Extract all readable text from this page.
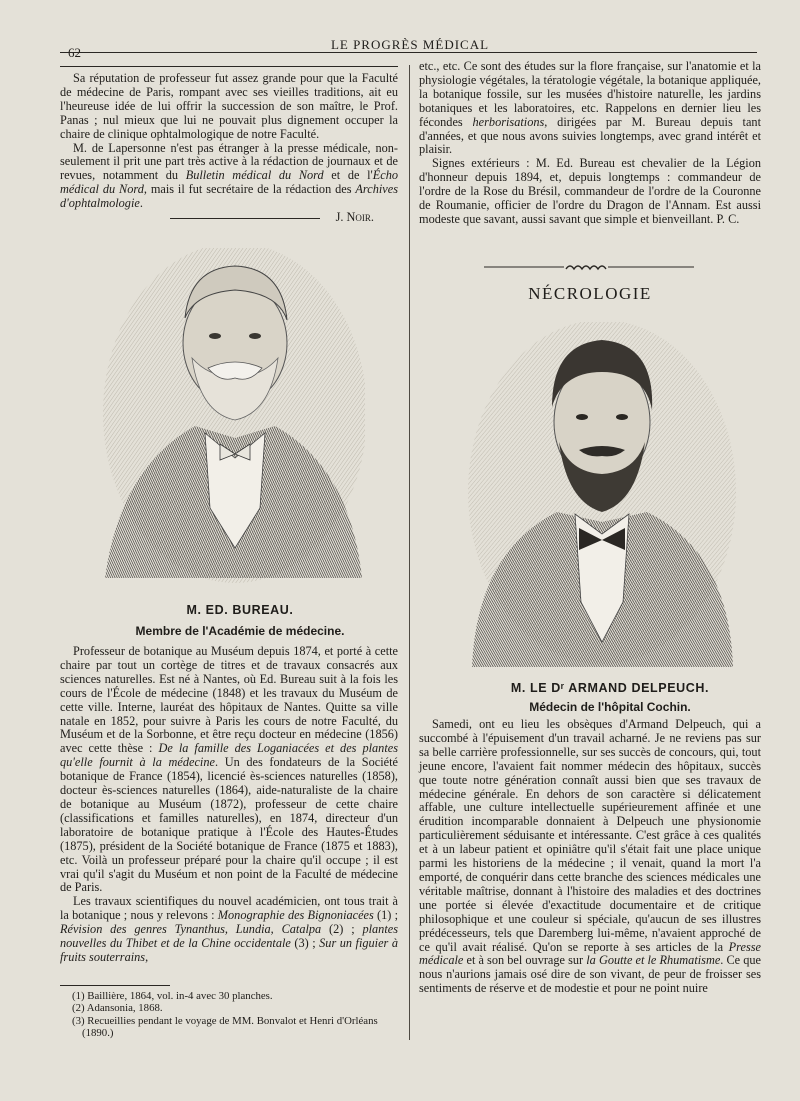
62
LE PROGRÈS MÉDICAL

Sa réputation de professeur fut assez grande pour que la Faculté de médecine de Paris, rompant avec ses vieilles traditions, ait eu l'heureuse idée de lui offrir la succession de son maître, le Prof. Panas ; nul mieux que lui ne pouvait plus dignement occuper la chaire de clinique ophtalmologique de notre Faculté.

M. de Lapersonne n'est pas étranger à la presse médicale, non-seulement il prit une part très active à la rédaction de journaux et de revues, notamment du Bulletin médical du Nord et de l'Écho médical du Nord, mais il fut secrétaire de la rédaction des Archives d'ophtalmologie.

J. Noir.

etc., etc. Ce sont des études sur la flore française, sur l'anatomie et la physiologie végétales, la tératologie végétale, la botanique appliquée, la botanique fossile, sur les musées d'histoire naturelle, les jardins botaniques et les laboratoires, etc. Rappelons en dernier lieu les fécondes herborisations, dirigées par M. Bureau depuis tant d'années, et que nous avons suivies longtemps, avec grand intérêt et plaisir.

Signes extérieurs : M. Ed. Bureau est chevalier de la Légion d'honneur depuis 1894, et, depuis longtemps : commandeur de l'ordre de la Rose du Brésil, commandeur de l'ordre de la Couronne de Roumanie, officier de l'ordre du Dragon de l'Annam. Est aussi modeste que savant, aussi savant que simple et bienveillant. P. C.

NÉCROLOGIE
M. ED. BUREAU.
Membre de l'Académie de médecine.
M. LE Dʳ ARMAND DELPEUCH.
Médecin de l'hôpital Cochin.

Professeur de botanique au Muséum depuis 1874, et porté à cette chaire par tout un cortège de titres et de travaux consacrés aux sciences naturelles. Est né à Nantes, où Ed. Bureau suit à la fois les cours de l'École de médecine (1848) et les travaux du Muséum de cette ville. Interne, lauréat des hôpitaux de Nantes. Quitte sa ville natale en 1852, pour suivre à Paris les cours de notre Faculté, du Muséum et de la Sorbonne, et être reçu docteur en médecine (1856) avec cette thèse : De la famille des Loganiacées et des plantes qu'elle fournit à la médecine. Un des fondateurs de la Société botanique de France (1854), licencié ès-sciences naturelles (1858), docteur ès-sciences naturelles (1864), aide-naturaliste de la chaire de botanique au Muséum (1872), professeur de cette chaire (classifications et familles naturelles), en 1874, directeur d'un laboratoire de botanique pratique à l'École des Hautes-Études (1875), président de la Société botanique de France (1875 et 1883), etc. Voilà un professeur préparé pour la chaire qu'il occupe ; il est vrai qu'il s'agit du Muséum et non point de la Faculté de médecine de Paris.

Les travaux scientifiques du nouvel académicien, ont tous trait à la botanique ; nous y relevons : Monographie des Bignoniacées (1) ; Révision des genres Tynanthus, Lundia, Catalpa (2) ; plantes nouvelles du Thibet et de la Chine occidentale (3) ; Sur un figuier à fruits souterrains,

(1) Baillière, 1864, vol. in-4 avec 30 planches.
(2) Adansonia, 1868.
(3) Recueillies pendant le voyage de MM. Bonvalot et Henri d'Orléans (1890.)

Samedi, ont eu lieu les obsèques d'Armand Delpeuch, qui a succombé à l'épuisement d'un travail acharné. Je ne reviens pas sur sa belle carrière professionnelle, sur ses succès de concours, qui, tout jeune encore, l'avaient fait nommer médecin des hôpitaux, succès que toute notre génération connaît aussi bien que ses travaux de médecine générale. En dehors de son caractère si délicatement affable, une culture intellectuelle supérieurement affinée et une érudition incomparable donnaient à Delpeuch une physionomie particulièrement séduisante et intéressante. C'est grâce à ces qualités et à un labeur patient et opiniâtre qu'il s'était fait une place unique parmi les historiens de la médecine ; il venait, quand la mort l'a emporté, de conquérir dans cette branche des sciences médicales une véritable maîtrise, donnant à l'histoire des maladies et des doctrines une portée si élevée d'exactitude documentaire et de critique philosophique et une couleur si spéciale, qu'aucun de ses illustres prédécesseurs, tels que Daremberg lui-même, n'avaient approché de ce qu'il avait réalisé. Qu'on se reporte à ses articles de la Presse médicale et à son bel ouvrage sur la Goutte et le Rhumatisme. Ce que nous n'aurions jamais osé dire de son vivant, de peur de froisser ses sentiments de réserve et de modestie et pour ne point nuire
